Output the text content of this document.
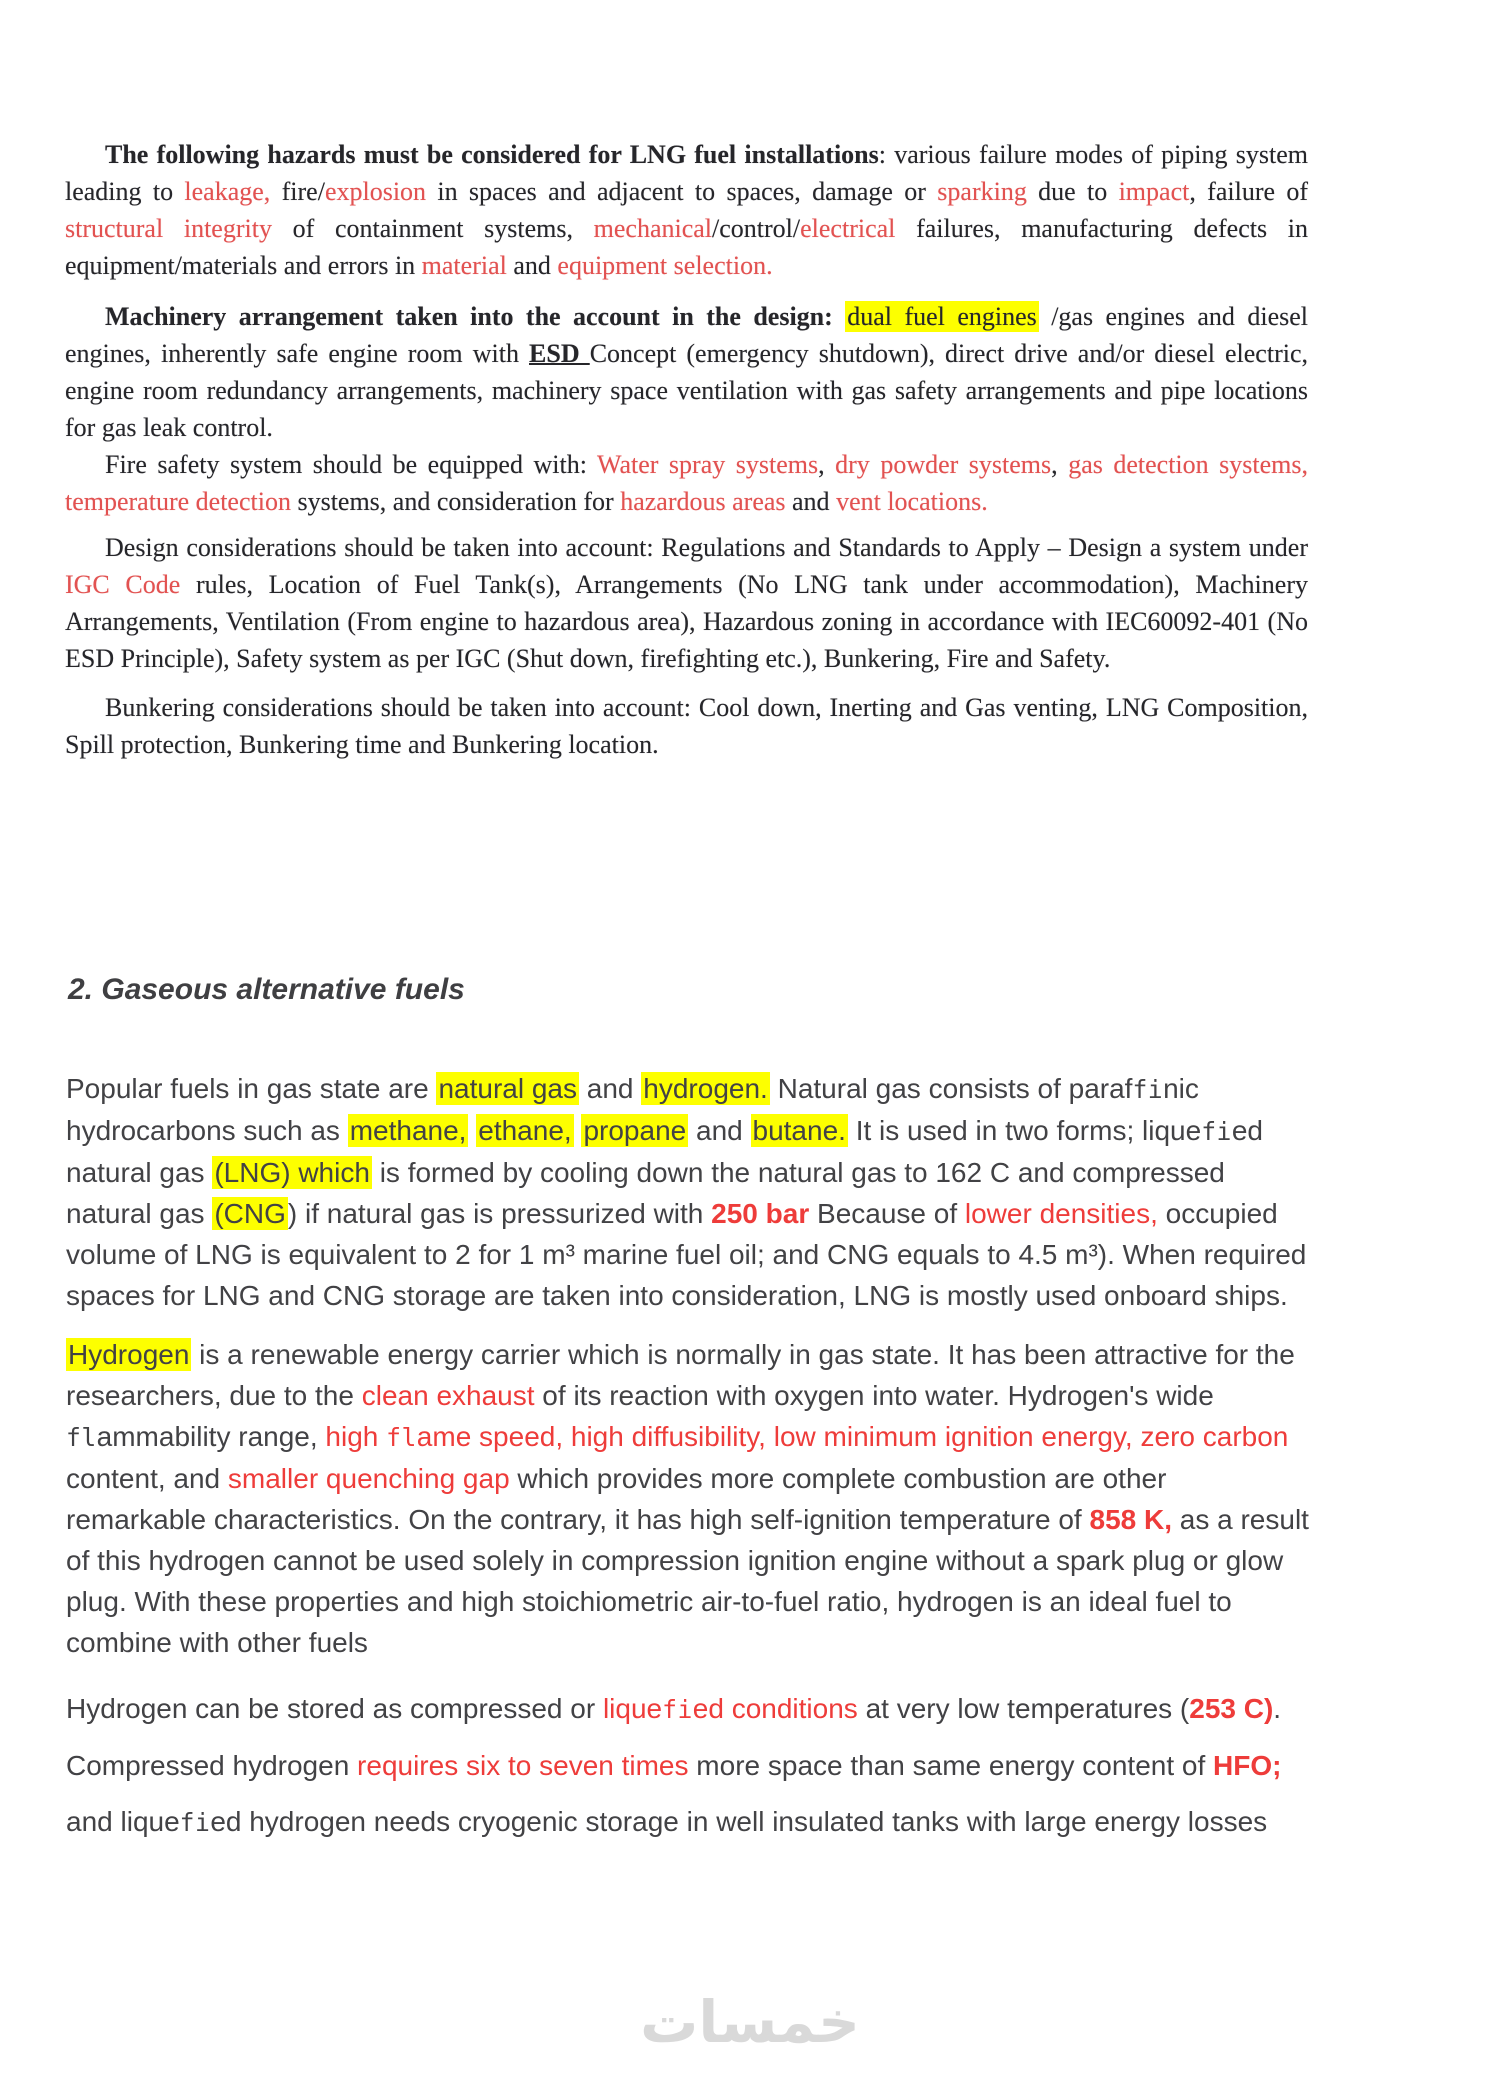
The following hazards must be considered for LNG fuel installations: various failure modes of piping system leading to leakage, fire/explosion in spaces and adjacent to spaces, damage or sparking due to impact, failure of structural integrity of containment systems, mechanical/control/electrical failures, manufacturing defects in equipment/materials and errors in material and equipment selection.

Machinery arrangement taken into the account in the design: dual fuel engines /gas engines and diesel engines, inherently safe engine room with ESD Concept (emergency shutdown), direct drive and/or diesel electric, engine room redundancy arrangements, machinery space ventilation with gas safety arrangements and pipe locations for gas leak control.

Fire safety system should be equipped with: Water spray systems, dry powder systems, gas detection systems, temperature detection systems, and consideration for hazardous areas and vent locations.

Design considerations should be taken into account: Regulations and Standards to Apply – Design a system under IGC Code rules, Location of Fuel Tank(s), Arrangements (No LNG tank under accommodation), Machinery Arrangements, Ventilation (From engine to hazardous area), Hazardous zoning in accordance with IEC60092-401 (No ESD Principle), Safety system as per IGC (Shut down, firefighting etc.), Bunkering, Fire and Safety.

Bunkering considerations should be taken into account: Cool down, Inerting and Gas venting, LNG Composition, Spill protection, Bunkering time and Bunkering location.

2. Gaseous alternative fuels

Popular fuels in gas state are natural gas and hydrogen. Natural gas consists of paraffinic hydrocarbons such as methane, ethane, propane and butane. It is used in two forms; liquefied natural gas (LNG) which is formed by cooling down the natural gas to 162 C and compressed natural gas (CNG) if natural gas is pressurized with 250 bar Because of lower densities, occupied volume of LNG is equivalent to 2 for 1 m³ marine fuel oil; and CNG equals to 4.5 m³). When required spaces for LNG and CNG storage are taken into consideration, LNG is mostly used onboard ships.

Hydrogen is a renewable energy carrier which is normally in gas state. It has been attractive for the researchers, due to the clean exhaust of its reaction with oxygen into water. Hydrogen's wide flammability range, high flame speed, high diffusibility, low minimum ignition energy, zero carbon content, and smaller quenching gap which provides more complete combustion are other remarkable characteristics. On the contrary, it has high self-ignition temperature of 858 K, as a result of this hydrogen cannot be used solely in compression ignition engine without a spark plug or glow plug. With these properties and high stoichiometric air-to-fuel ratio, hydrogen is an ideal fuel to combine with other fuels

Hydrogen can be stored as compressed or liquefied conditions at very low temperatures (253 C). Compressed hydrogen requires six to seven times more space than same energy content of HFO; and liquefied hydrogen needs cryogenic storage in well insulated tanks with large energy losses

خمسات
